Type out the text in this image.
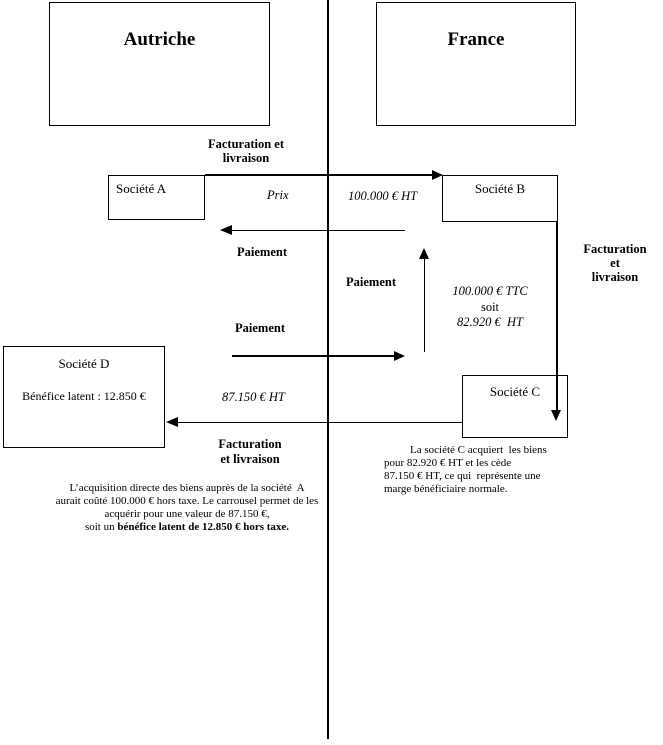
Autriche	France
Société A	Société B
Société C
Société D
Bénéfice latent : 12.850 €
Facturation et
livraison
Prix	100.000 € HT
Paiement
Paiement
100.000 € TTC
soit
82.920 €  HT
Facturation
et
livraison
Paiement
87.150 € HT
Facturation
et livraison
L’acquisition directe des biens auprès de la société  A
aurait coûté 100.000 € hors taxe. Le carrousel permet de les
acquérir pour une valeur de 87.150 €,
soit un bénéfice latent de 12.850 € hors taxe.
La société C acquiert  les biens
pour 82.920 € HT et les cède
87.150 € HT, ce qui  représente une
marge bénéficiaire normale.
